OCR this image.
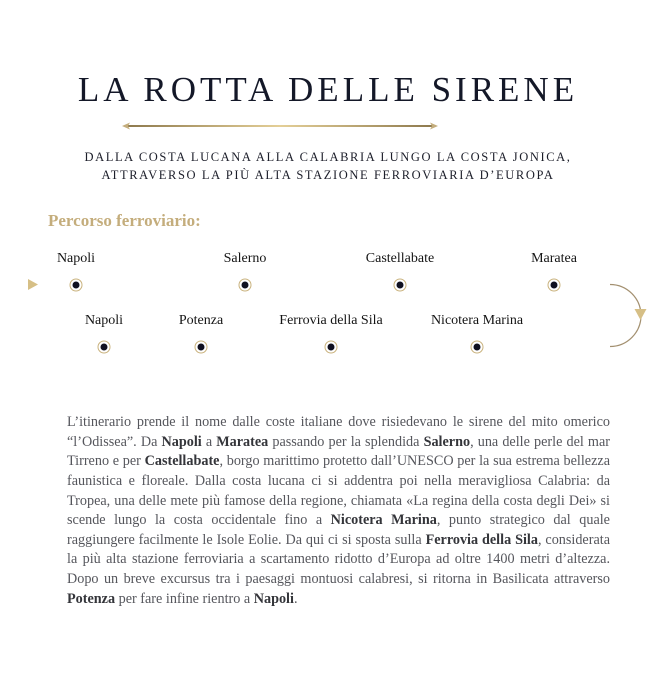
LA ROTTA DELLE SIRENE
DALLA COSTA LUCANA ALLA CALABRIA LUNGO LA COSTA JONICA,
ATTRAVERSO LA PIÙ ALTA STAZIONE FERROVIARIA D’EUROPA
Percorso ferroviario:
Napoli	Salerno	Castellabate	Maratea
Napoli	Potenza	Ferrovia della Sila	Nicotera Marina

L’itinerario prende il nome dalle coste italiane dove risiedevano le sirene del mito omerico “l’Odissea”. Da Napoli a Maratea passando per la splendida Salerno, una delle perle del mar Tirreno e per Castellabate, borgo marittimo protetto dall’UNESCO per la sua estrema bellezza faunistica e floreale. Dalla costa lucana ci si addentra poi nella meravigliosa Calabria: da Tropea, una delle mete più famose della regione, chiamata «La regina della costa degli Dei» si scende lungo la costa occidentale fino a Nicotera Marina, punto strategico dal quale raggiungere facilmente le Isole Eolie. Da qui ci si sposta sulla Ferrovia della Sila, considerata la più alta stazione ferroviaria a scartamento ridotto d’Europa ad oltre 1400 metri d’altezza. Dopo un breve excursus tra i paesaggi montuosi calabresi, si ritorna in Basilicata attraverso Potenza per fare infine rientro a Napoli.
